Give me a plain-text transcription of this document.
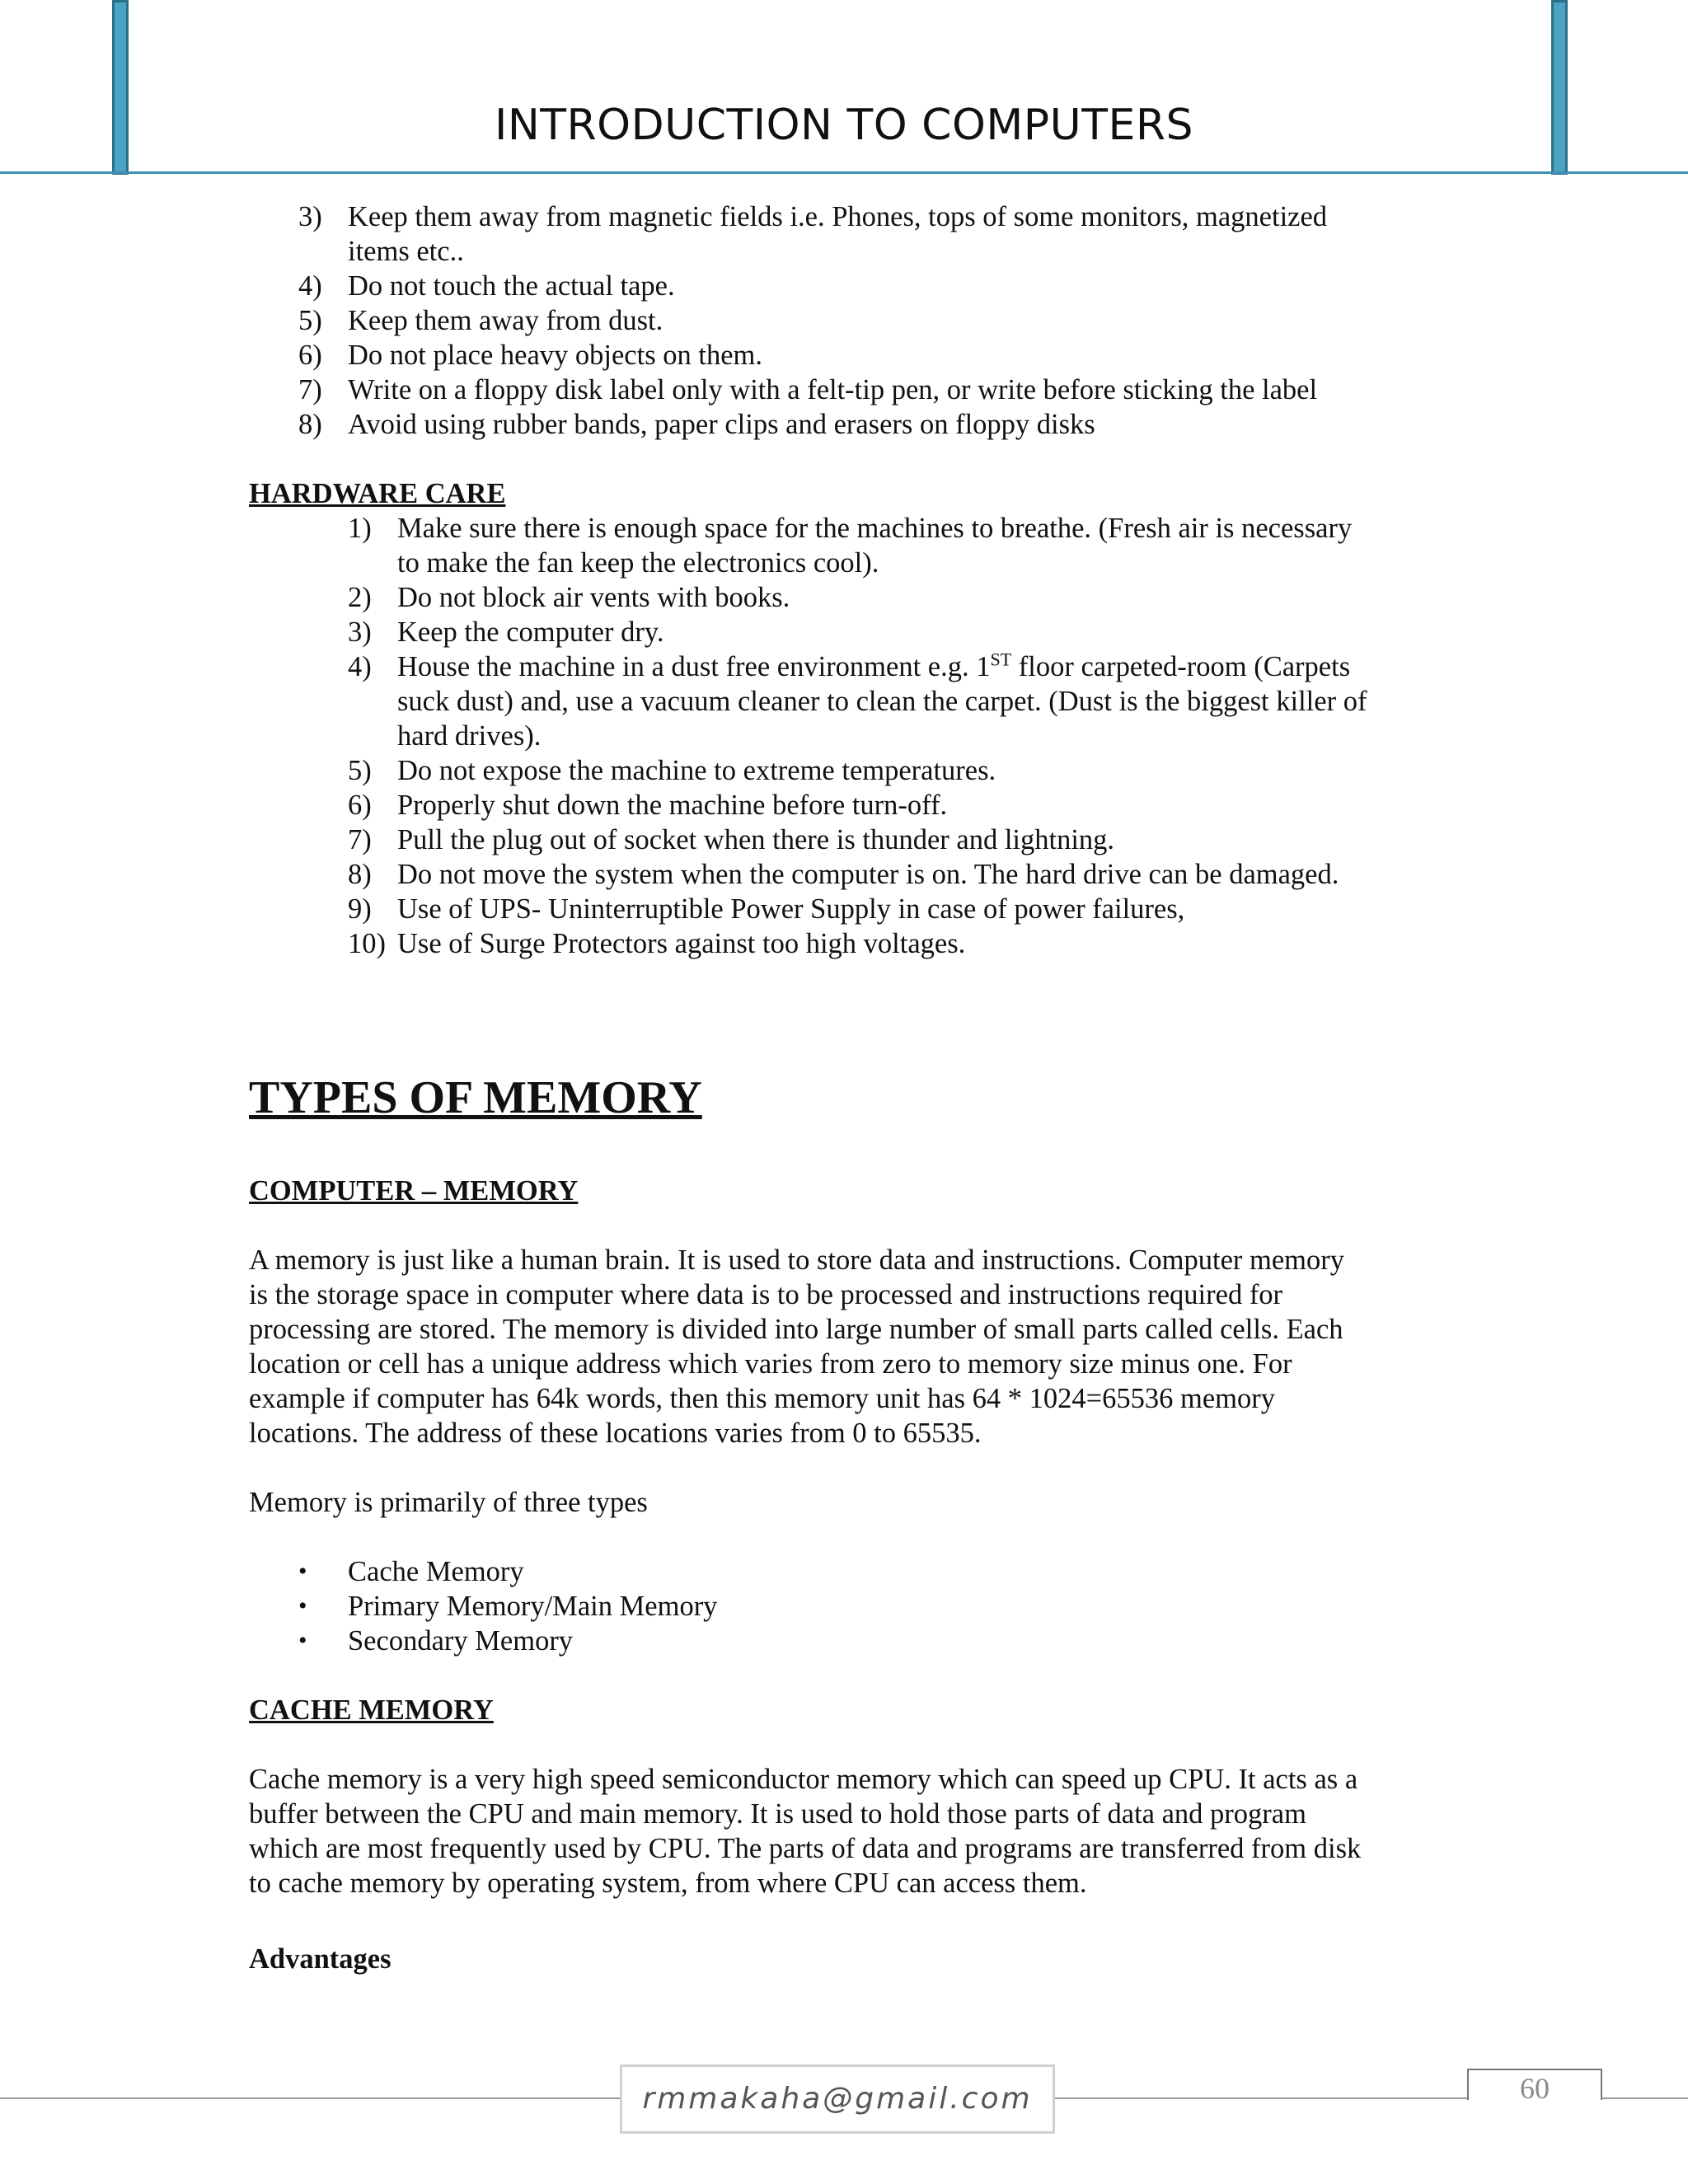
INTRODUCTION TO COMPUTERS
3) Keep them away from magnetic fields i.e. Phones, tops of some monitors, magnetized
items etc..
4) Do not touch the actual tape.
5) Keep them away from dust.
6) Do not place heavy objects on them.
7) Write on a floppy disk label only with a felt-tip pen, or write before sticking the label
8) Avoid using rubber bands, paper clips and erasers on floppy disks
HARDWARE CARE
1) Make sure there is enough space for the machines to breathe. (Fresh air is necessary
to make the fan keep the electronics cool).
2) Do not block air vents with books.
3) Keep the computer dry.
4) House the machine in a dust free environment e.g. 1ST floor carpeted-room (Carpets
suck dust) and, use a vacuum cleaner to clean the carpet. (Dust is the biggest killer of
hard drives).
5) Do not expose the machine to extreme temperatures.
6) Properly shut down the machine before turn-off.
7) Pull the plug out of socket when there is thunder and lightning.
8) Do not move the system when the computer is on. The hard drive can be damaged.
9) Use of UPS- Uninterruptible Power Supply in case of power failures,
10) Use of Surge Protectors against too high voltages.
TYPES OF MEMORY
COMPUTER – MEMORY
A memory is just like a human brain. It is used to store data and instructions. Computer memory
is the storage space in computer where data is to be processed and instructions required for
processing are stored. The memory is divided into large number of small parts called cells. Each
location or cell has a unique address which varies from zero to memory size minus one. For
example if computer has 64k words, then this memory unit has 64 * 1024=65536 memory
locations. The address of these locations varies from 0 to 65535.
Memory is primarily of three types
• Cache Memory
• Primary Memory/Main Memory
• Secondary Memory
CACHE MEMORY
Cache memory is a very high speed semiconductor memory which can speed up CPU. It acts as a
buffer between the CPU and main memory. It is used to hold those parts of data and program
which are most frequently used by CPU. The parts of data and programs are transferred from disk
to cache memory by operating system, from where CPU can access them.
Advantages
rmmakaha@gmail.com	60
